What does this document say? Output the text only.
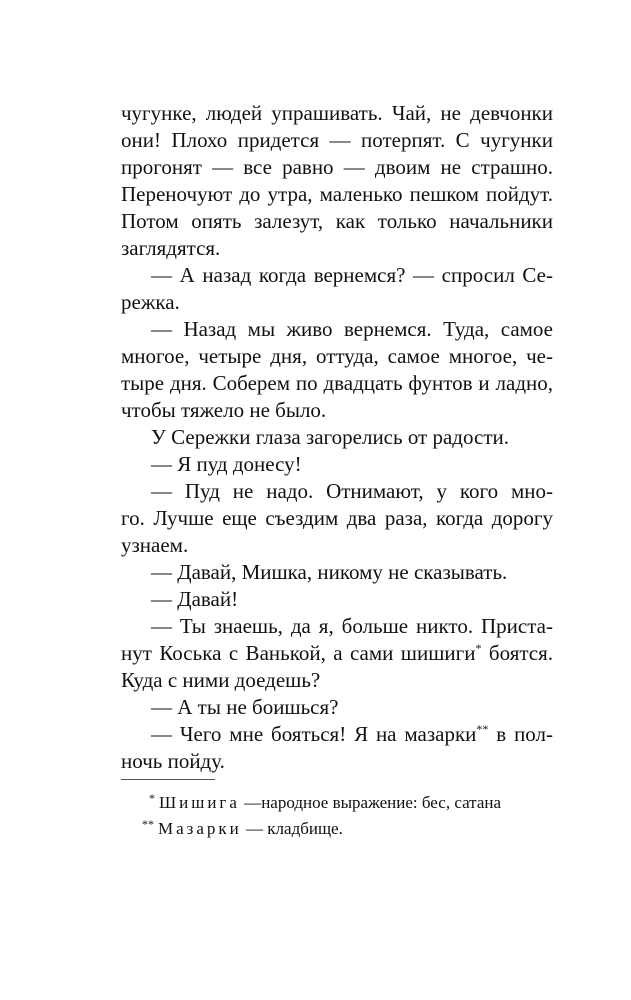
чугунке, людей упрашивать. Чай, не девчонки
они! Плохо придется — потерпят. С чугунки
прогонят — все равно — двоим не страшно.
Переночуют до утра, маленько пешком пойдут.
Потом опять залезут, как только начальники
заглядятся.
— А назад когда вернемся? — спросил Се-
режка.
— Назад мы живо вернемся. Туда, самое
многое, четыре дня, оттуда, самое многое, че-
тыре дня. Соберем по двадцать фунтов и ладно,
чтобы тяжело не было.
У Сережки глаза загорелись от радости.
— Я пуд донесу!
— Пуд не надо. Отнимают, у кого мно-
го. Лучше еще съездим два раза, когда дорогу
узнаем.
— Давай, Мишка, никому не сказывать.
— Давай!
— Ты знаешь, да я, больше никто. Приста-
нут Коська с Ванькой, а сами шишиги* боятся.
Куда с ними доедешь?
— А ты не боишься?
— Чего мне бояться! Я на мазарки** в пол-
ночь пойду.
* Шишига —народное выражение: бес, сатана
** Мазарки — кладбище.
